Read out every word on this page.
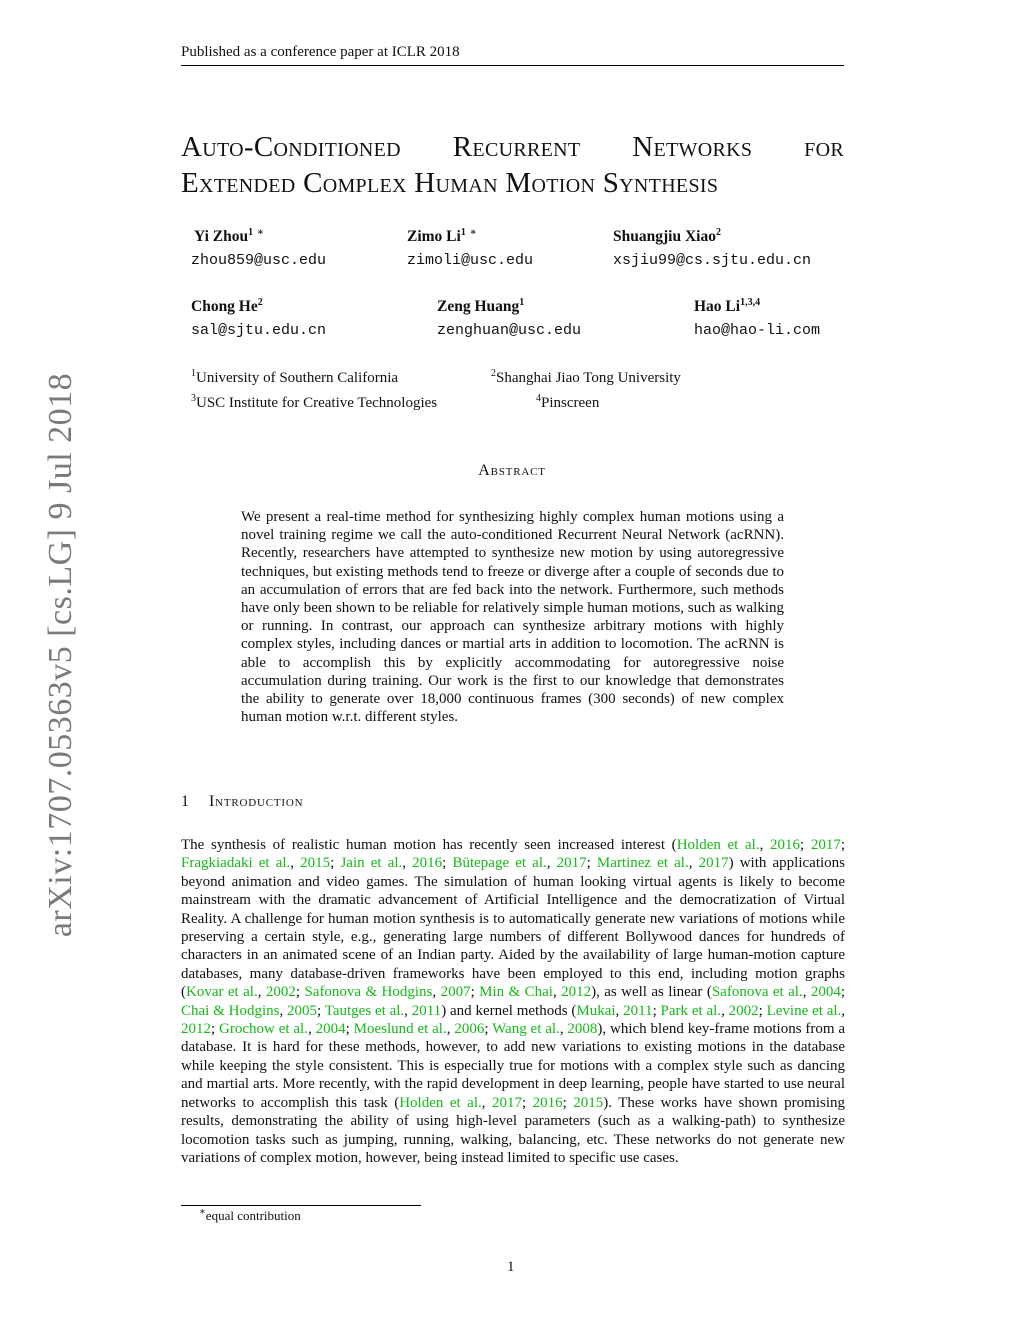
Published as a conference paper at ICLR 2018
arXiv:1707.05363v5 [cs.LG] 9 Jul 2018
Auto-Conditioned Recurrent Networks for
Extended Complex Human Motion Synthesis
Yi Zhou$^1$ ∗
zhou859@usc.edu
Zimo Li$^1$ ∗
zimoli@usc.edu
Shuangjiu Xiao$^2$
xsjiu99@cs.sjtu.edu.cn
Chong He$^2$
sal@sjtu.edu.cn
Zeng Huang$^1$
zenghuan@usc.edu
Hao Li$^{1,3,4}$
hao@hao-li.com
$^1$University of Southern California	$^2$Shanghai Jiao Tong University
$^3$USC Institute for Creative Technologies	$^4$Pinscreen
Abstract
We present a real-time method for synthesizing highly complex human motions using a novel training regime we call the auto-conditioned Recurrent Neural Network (acRNN). Recently, researchers have attempted to synthesize new motion by using autoregressive techniques, but existing methods tend to freeze or diverge after a couple of seconds due to an accumulation of errors that are fed back into the network. Furthermore, such methods have only been shown to be reliable for relatively simple human motions, such as walking or running. In contrast, our approach can synthesize arbitrary motions with highly complex styles, including dances or martial arts in addition to locomotion. The acRNN is able to accomplish this by explicitly accommodating for autoregressive noise accumulation during training. Our work is the first to our knowledge that demonstrates the ability to generate over 18,000 continuous frames (300 seconds) of new complex human motion w.r.t. different styles.
1 Introduction
The synthesis of realistic human motion has recently seen increased interest (Holden et al., 2016; 2017; Fragkiadaki et al., 2015; Jain et al., 2016; Bütepage et al., 2017; Martinez et al., 2017) with applications beyond animation and video games. The simulation of human looking virtual agents is likely to become mainstream with the dramatic advancement of Artificial Intelligence and the democratization of Virtual Reality. A challenge for human motion synthesis is to automatically generate new variations of motions while preserving a certain style, e.g., generating large numbers of different Bollywood dances for hundreds of characters in an animated scene of an Indian party. Aided by the availability of large human-motion capture databases, many database-driven frameworks have been employed to this end, including motion graphs (Kovar et al., 2002; Safonova & Hodgins, 2007; Min & Chai, 2012), as well as linear (Safonova et al., 2004; Chai & Hodgins, 2005; Tautges et al., 2011) and kernel methods (Mukai, 2011; Park et al., 2002; Levine et al., 2012; Grochow et al., 2004; Moeslund et al., 2006; Wang et al., 2008), which blend key-frame motions from a database. It is hard for these methods, however, to add new variations to existing motions in the database while keeping the style consistent. This is especially true for motions with a complex style such as dancing and martial arts. More recently, with the rapid development in deep learning, people have started to use neural networks to accomplish this task (Holden et al., 2017; 2016; 2015). These works have shown promising results, demonstrating the ability of using high-level parameters (such as a walking-path) to synthesize locomotion tasks such as jumping, running, walking, balancing, etc. These networks do not generate new variations of complex motion, however, being instead limited to specific use cases.
∗equal contribution
1
